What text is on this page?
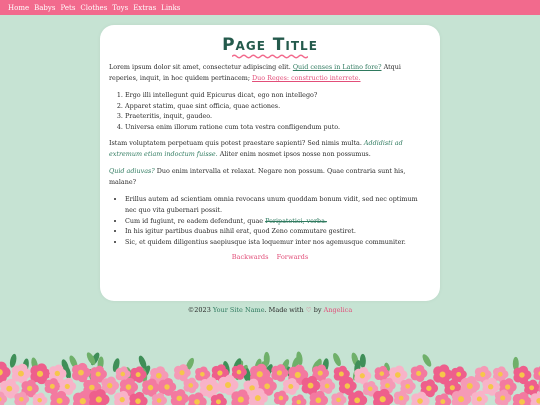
Home Babys Pets Clothes Toys Extras Links
Page Title

Lorem ipsum dolor sit amet, consectetur adipiscing elit. Quid censes in Latino fore? Atqui reperies, inquit, in hoc quidem pertinacem; Duo Reges: constructio interrete.

1. Ergo illi intellegunt quid Epicurus dicat, ego non intellego?
2. Apparet statim, quae sint officia, quae actiones.
3. Praeteritis, inquit, gaudeo.
4. Universa enim illorum ratione cum tota vestra confligendum puto.

Istam voluptatem perpetuam quis potest praestare sapienti? Sed nimis multa. Addidisti ad extremum etiam indoctum fuisse. Aliter enim nosmet ipsos nosse non possumus.

Quid adiuvas? Duo enim intervalla et relaxat. Negare non possum. Quae contraria sunt his, malane?

• Erillus autem ad scientiam omnia revocans unum quoddam bonum vidit, sed nec optimum nec quo vita gubernari possit.
• Cum id fugiunt, re eadem defendunt, quae Peripatetici, verba.
• In his igitur partibus duabus nihil erat, quod Zeno commutare gestiret.
• Sic, et quidem diligentius saepiusque ista loquemur inter nos agemusque communiter.
Backwards Forwards
©2023 Your Site Name. Made with ♡ by Angelica
